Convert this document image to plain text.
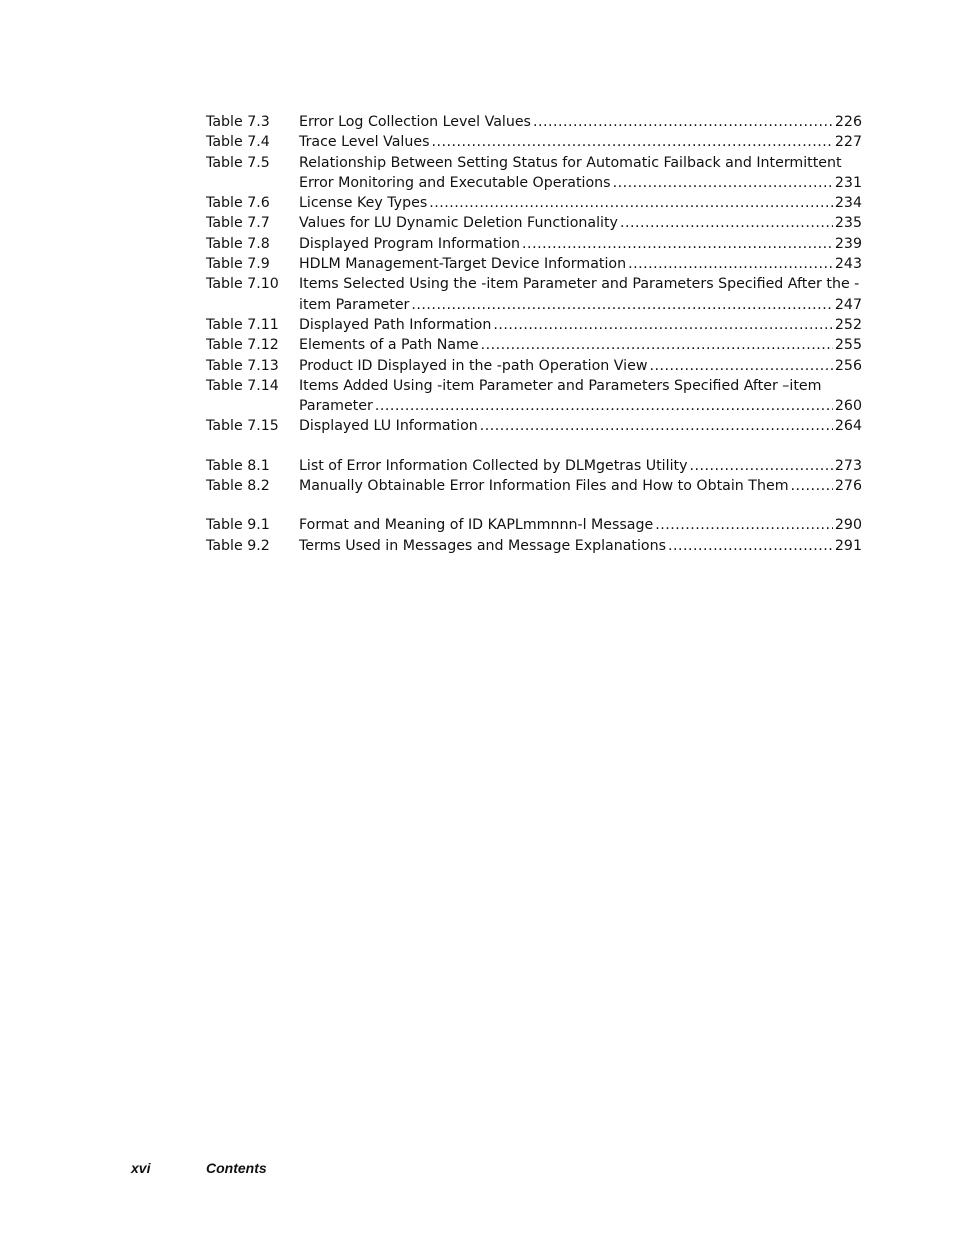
Table 7.3	Error Log Collection Level Values .....	226
Table 7.4	Trace Level Values .....	227
Table 7.5	Relationship Between Setting Status for Automatic Failback and Intermittent
Error Monitoring and Executable Operations .....	231
Table 7.6	License Key Types .....	234
Table 7.7	Values for LU Dynamic Deletion Functionality .....	235
Table 7.8	Displayed Program Information .....	239
Table 7.9	HDLM Management-Target Device Information .....	243
Table 7.10	Items Selected Using the -item Parameter and Parameters Specified After the -
item Parameter .....	247
Table 7.11	Displayed Path Information .....	252
Table 7.12	Elements of a Path Name .....	255
Table 7.13	Product ID Displayed in the -path Operation View .....	256
Table 7.14	Items Added Using -item Parameter and Parameters Specified After –item
Parameter .....	260
Table 7.15	Displayed LU Information .....	264
Table 8.1	List of Error Information Collected by DLMgetras Utility .....	273
Table 8.2	Manually Obtainable Error Information Files and How to Obtain Them .....	276
Table 9.1	Format and Meaning of ID KAPLmmnnn-l Message .....	290
Table 9.2	Terms Used in Messages and Message Explanations .....	291
xvi	Contents
